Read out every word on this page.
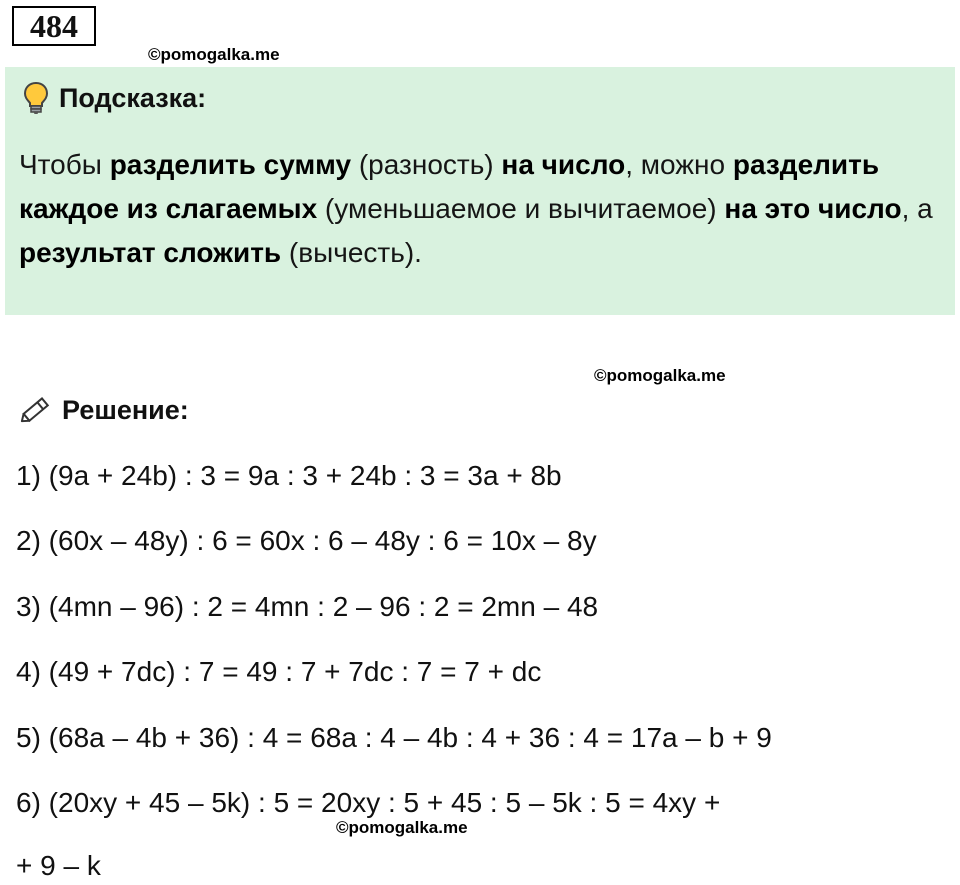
484
©pomogalka.me
Подсказка:
Чтобы разделить сумму (разность) на число, можно разделить каждое из слагаемых (уменьшаемое и вычитаемое) на это число, а результат сложить (вычесть).
©pomogalka.me
Решение:
1) (9a + 24b) : 3 = 9a : 3 + 24b : 3 = 3a + 8b
2) (60x – 48y) : 6 = 60x : 6 – 48y : 6 = 10x – 8y
3) (4mn – 96) : 2 = 4mn : 2 – 96 : 2 = 2mn – 48
4) (49 + 7dc) : 7 = 49 : 7 + 7dc : 7 = 7 + dc
5) (68a – 4b + 36) : 4 = 68a : 4 – 4b : 4 + 36 : 4 = 17a – b + 9
6) (20xy + 45 – 5k) : 5 = 20xy : 5 + 45 : 5 – 5k : 5 = 4xy +
©pomogalka.me
+ 9 – k
